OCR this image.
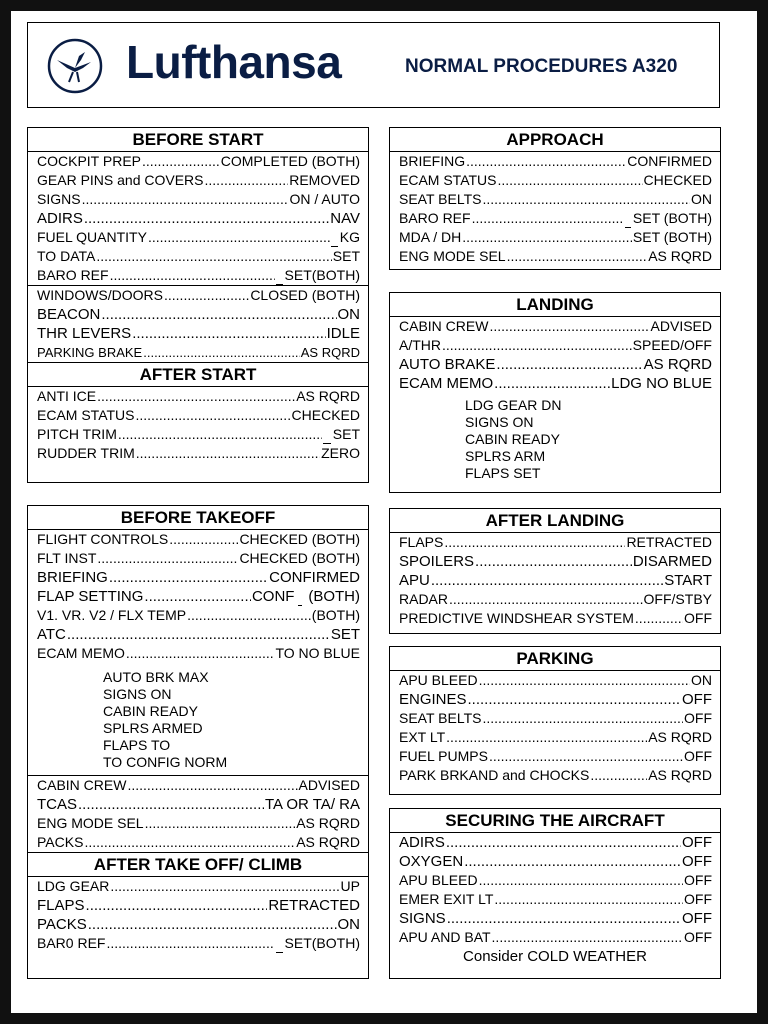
Lufthansa	NORMAL PROCEDURES A320
BEFORE START
COCKPIT PREP .....	COMPLETED (BOTH)
GEAR PINS and COVERS .....	REMOVED
SIGNS .....	ON / AUTO
ADIRS .....	NAV
FUEL QUANTITY .....	KG
TO DATA .....	SET
BARO REF .....	SET(BOTH)
WINDOWS/DOORS .....	CLOSED (BOTH)
BEACON .....	ON
THR LEVERS .....	IDLE
PARKING BRAKE .....	AS RQRD
AFTER START
ANTI ICE .....	AS RQRD
ECAM STATUS .....	CHECKED
PITCH TRIM .....	SET
RUDDER TRIM .....	ZERO
BEFORE TAKEOFF
FLIGHT CONTROLS .....	CHECKED (BOTH)
FLT INST .....	CHECKED (BOTH)
BRIEFING .....	CONFIRMED
FLAP SETTING .....	CONF (BOTH)
V1. VR. V2 / FLX TEMP .....	(BOTH)
ATC .....	SET
ECAM MEMO .....	TO NO BLUE
AUTO BRK MAX
SIGNS ON
CABIN READY
SPLRS ARMED
FLAPS TO
TO CONFIG NORM
CABIN CREW .....	ADVISED
TCAS .....	TA OR TA/ RA
ENG MODE SEL .....	AS RQRD
PACKS .....	AS RQRD
AFTER TAKE OFF/ CLIMB
LDG GEAR .....	UP
FLAPS .....	RETRACTED
PACKS .....	ON
BAR0 REF .....	SET(BOTH)
APPROACH
BRIEFING .....	CONFIRMED
ECAM STATUS .....	CHECKED
SEAT BELTS .....	ON
BARO REF .....	SET (BOTH)
MDA / DH .....	SET (BOTH)
ENG MODE SEL .....	AS RQRD
LANDING
CABIN CREW .....	ADVISED
A/THR .....	SPEED/OFF
AUTO BRAKE .....	AS RQRD
ECAM MEMO .....	LDG NO BLUE
LDG GEAR DN
SIGNS ON
CABIN READY
SPLRS ARM
FLAPS SET
AFTER LANDING
FLAPS .....	RETRACTED
SPOILERS .....	DISARMED
APU .....	START
RADAR .....	OFF/STBY
PREDICTIVE WINDSHEAR SYSTEM .....	OFF
PARKING
APU BLEED .....	ON
ENGINES .....	OFF
SEAT BELTS .....	OFF
EXT LT .....	AS RQRD
FUEL PUMPS .....	OFF
PARK BRKAND and CHOCKS .....	AS RQRD
SECURING THE AIRCRAFT
ADIRS .....	OFF
OXYGEN .....	OFF
APU BLEED .....	OFF
EMER EXIT LT .....	OFF
SIGNS .....	OFF
APU AND BAT .....	OFF
Consider COLD WEATHER
